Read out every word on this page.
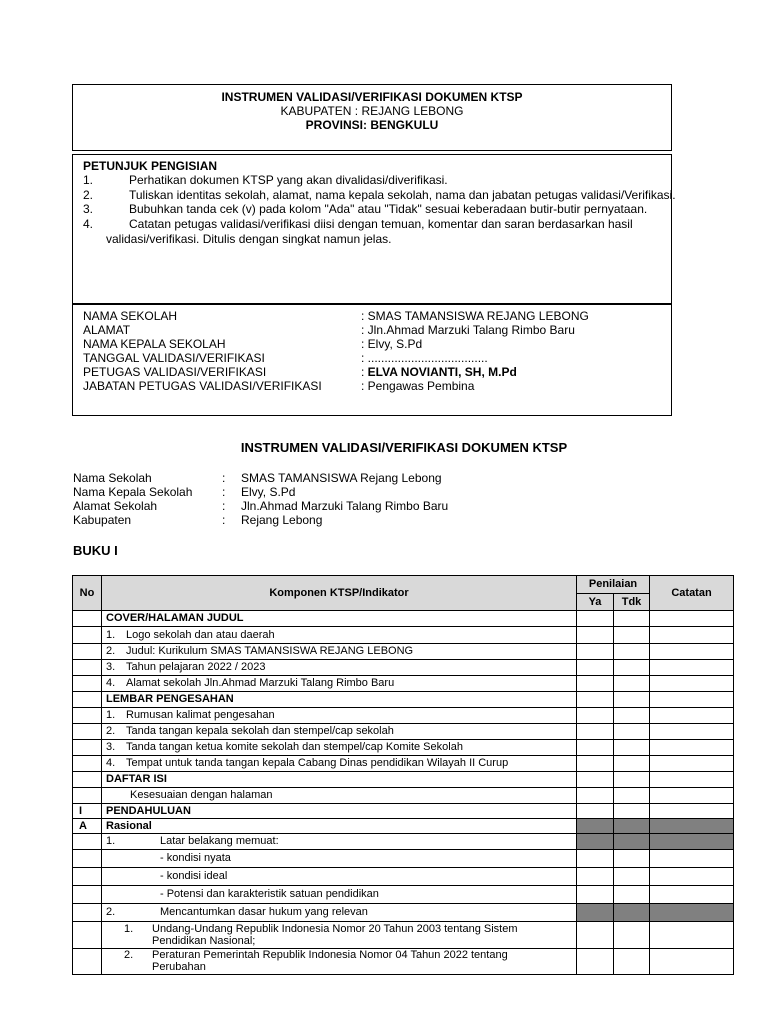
INSTRUMEN VALIDASI/VERIFIKASI DOKUMEN KTSP
KABUPATEN : REJANG LEBONG
PROVINSI: BENGKULU
PETUNJUK PENGISIAN
1.	Perhatikan dokumen KTSP yang akan divalidasi/diverifikasi.
2.	Tuliskan identitas sekolah, alamat, nama kepala sekolah, nama dan jabatan petugas validasi/Verifikasi.
3.	Bubuhkan tanda cek (v) pada kolom "Ada" atau "Tidak" sesuai keberadaan butir-butir pernyataan.
4.	Catatan petugas validasi/verifikasi diisi dengan temuan, komentar dan saran berdasarkan hasil
validasi/verifikasi. Ditulis dengan singkat namun jelas.
NAMA SEKOLAH	: SMAS TAMANSISWA REJANG LEBONG
ALAMAT	: Jln.Ahmad Marzuki Talang Rimbo Baru
NAMA KEPALA SEKOLAH	: Elvy, S.Pd
TANGGAL VALIDASI/VERIFIKASI	: ....................................
PETUGAS VALIDASI/VERIFIKASI	: ELVA NOVIANTI, SH, M.Pd
JABATAN PETUGAS VALIDASI/VERIFIKASI	: Pengawas Pembina
INSTRUMEN VALIDASI/VERIFIKASI DOKUMEN KTSP
Nama Sekolah	: SMAS TAMANSISWA Rejang Lebong
Nama Kepala Sekolah : Elvy, S.Pd
Alamat Sekolah	: Jln.Ahmad Marzuki Talang Rimbo Baru
Kabupaten	: Rejang Lebong
BUKU I
No	Komponen KTSP/Indikator	Penilaian		Catatan
		Ya	Tdk	
	COVER/HALAMAN JUDUL			
	1. Logo sekolah dan atau daerah			
	2. Judul: Kurikulum SMAS TAMANSISWA REJANG LEBONG			
	3. Tahun pelajaran 2022 / 2023			
	4. Alamat sekolah Jln.Ahmad Marzuki Talang Rimbo Baru			
	LEMBAR PENGESAHAN			
	1. Rumusan kalimat pengesahan			
	2. Tanda tangan kepala sekolah dan stempel/cap sekolah			
	3. Tanda tangan ketua komite sekolah dan stempel/cap Komite Sekolah			
	4. Tempat untuk tanda tangan kepala Cabang Dinas pendidikan Wilayah II Curup			
	DAFTAR ISI			
	Kesesuaian dengan halaman			
I	PENDAHULUAN			
A	Rasional			
	1. Latar belakang memuat:			
	- kondisi nyata			
	- kondisi ideal			
	- Potensi dan karakteristik satuan pendidikan			
	2. Mencantumkan dasar hukum yang relevan			
	1. Undang-Undang Republik Indonesia Nomor 20 Tahun 2003 tentang Sistem Pendidikan Nasional;			
	2. Peraturan Pemerintah Republik Indonesia Nomor 04 Tahun 2022 tentang Perubahan			
